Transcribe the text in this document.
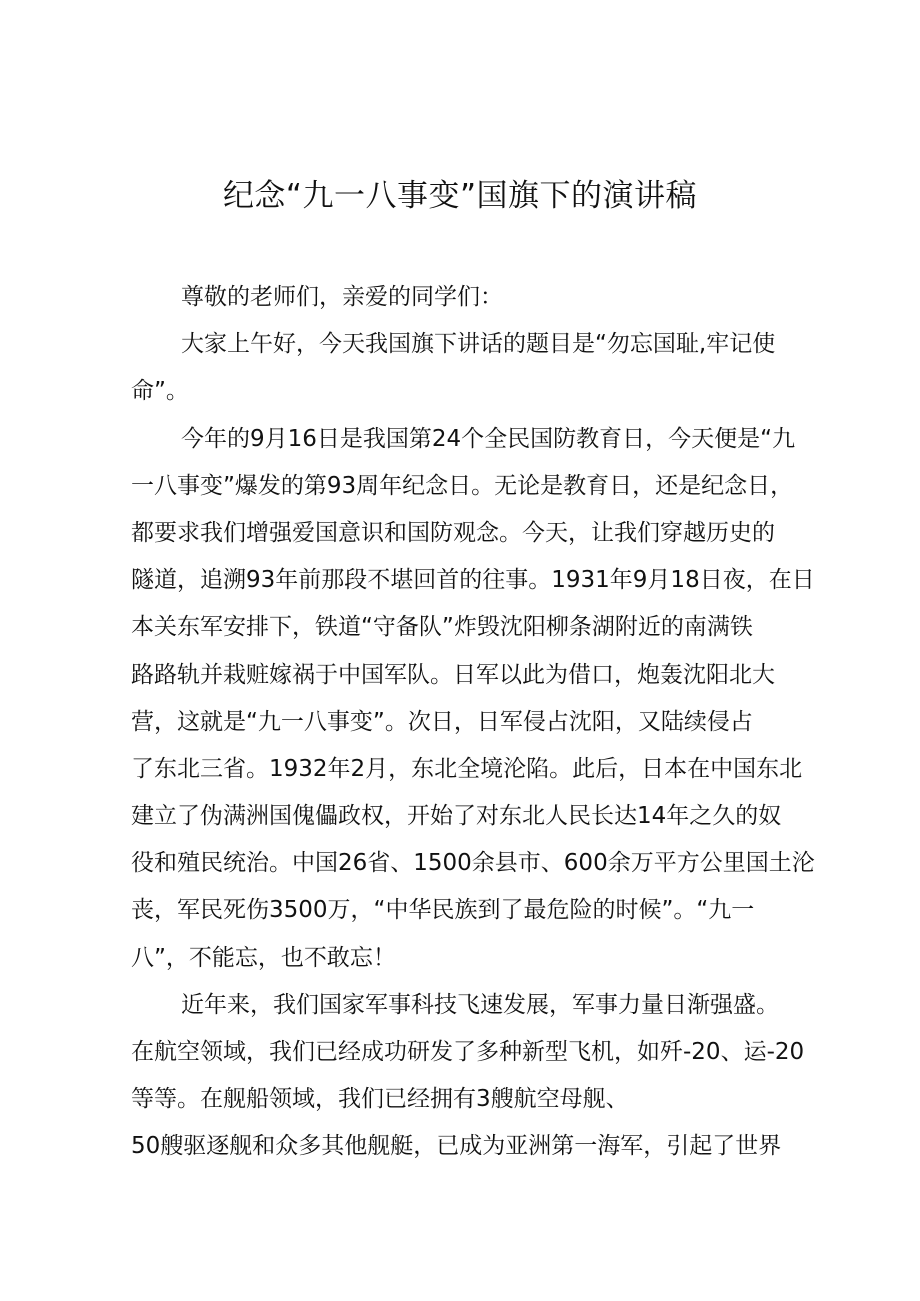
纪念“九一八事变”国旗下的演讲稿
尊敬的老师们，亲爱的同学们：
大家上午好，今天我国旗下讲话的题目是“勿忘国耻,牢记使
命”。
今年的9月16日是我国第24个全民国防教育日，今天便是“九
一八事变”爆发的第93周年纪念日。无论是教育日，还是纪念日，
都要求我们增强爱国意识和国防观念。今天，让我们穿越历史的
隧道，追溯93年前那段不堪回首的往事。1931年9月18日夜，在日
本关东军安排下，铁道“守备队”炸毁沈阳柳条湖附近的南满铁
路路轨并栽赃嫁祸于中国军队。日军以此为借口，炮轰沈阳北大
营，这就是“九一八事变”。次日，日军侵占沈阳，又陆续侵占
了东北三省。1932年2月，东北全境沦陷。此后，日本在中国东北
建立了伪满洲国傀儡政权，开始了对东北人民长达14年之久的奴
役和殖民统治。中国26省、1500余县市、600余万平方公里国土沦
丧，军民死伤3500万，“中华民族到了最危险的时候”。“九一
八”，不能忘，也不敢忘！
近年来，我们国家军事科技飞速发展，军事力量日渐强盛。
在航空领域，我们已经成功研发了多种新型飞机，如歼-20、运-20
等等。在舰船领域，我们已经拥有3艘航空母舰、
50艘驱逐舰和众多其他舰艇，已成为亚洲第一海军，引起了世界
